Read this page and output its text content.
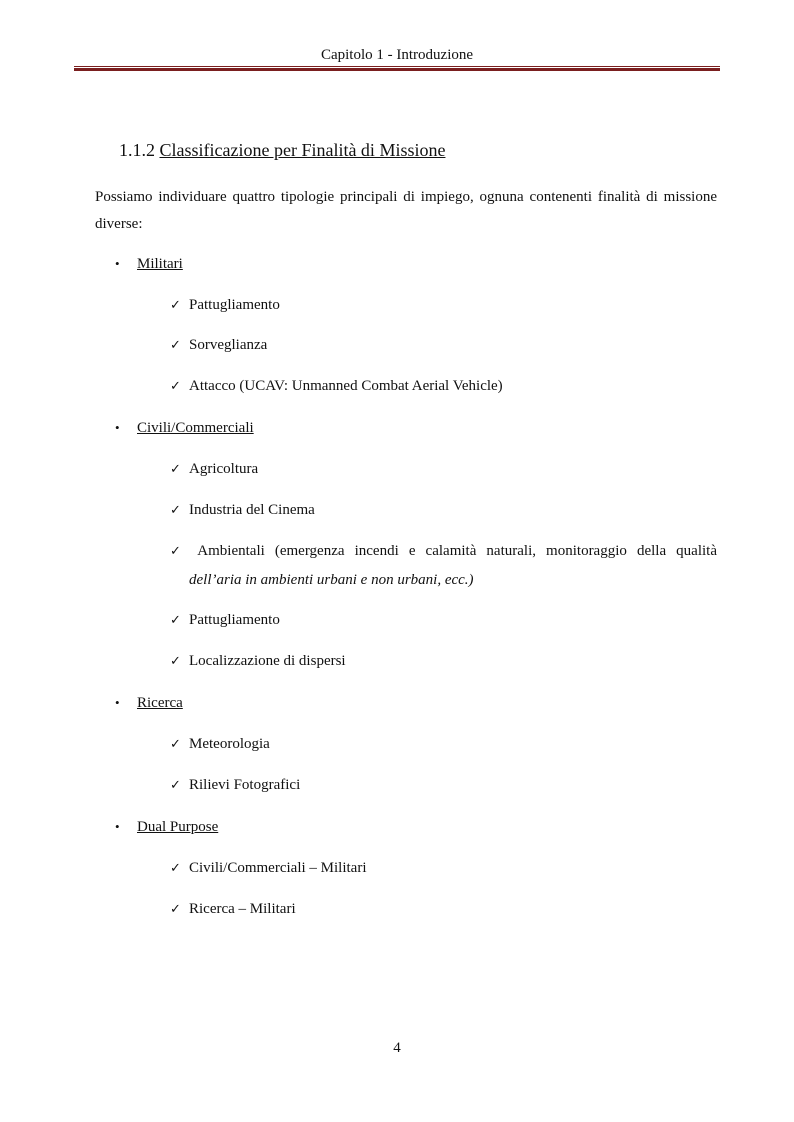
Capitolo 1 - Introduzione
1.1.2 Classificazione per Finalità di Missione
Possiamo individuare quattro tipologie principali di impiego, ognuna contenenti finalità di missione diverse:
• Militari
✓ Pattugliamento
✓ Sorveglianza
✓ Attacco (UCAV: Unmanned Combat Aerial Vehicle)
• Civili/Commerciali
✓ Agricoltura
✓ Industria del Cinema
✓ Ambientali (emergenza incendi e calamità naturali, monitoraggio della qualità
dell’aria in ambienti urbani e non urbani, ecc.)
✓ Pattugliamento
✓ Localizzazione di dispersi
• Ricerca
✓ Meteorologia
✓ Rilievi Fotografici
• Dual Purpose
✓ Civili/Commerciali – Militari
✓ Ricerca – Militari
4
